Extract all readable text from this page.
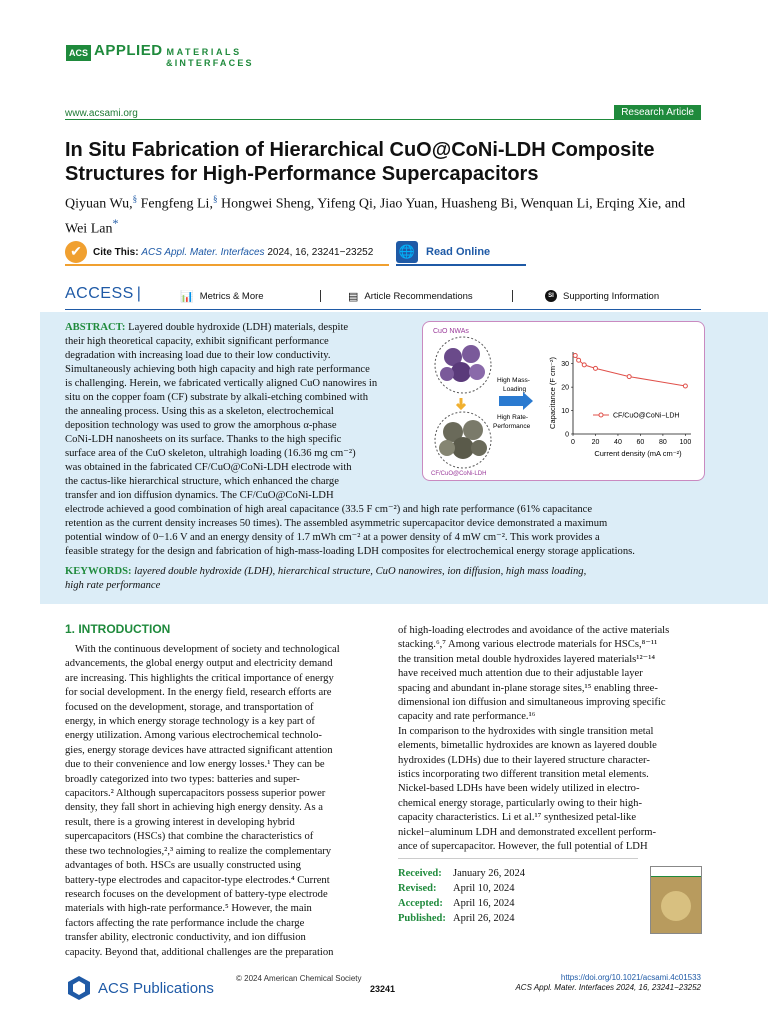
ACS APPLIED MATERIALS
&INTERFACES
www.acsami.org	Research Article
In Situ Fabrication of Hierarchical CuO@CoNi-LDH Composite Structures for High-Performance Supercapacitors
Qiyuan Wu,§ Fengfeng Li,§ Hongwei Sheng, Yifeng Qi, Jiao Yuan, Huasheng Bi, Wenquan Li, Erqing Xie, and Wei Lan*
✔	Cite This: ACS Appl. Mater. Interfaces 2024, 16, 23241−23252 🌐 Read Online
ACCESS |	📊 Metrics & More	▤ Article Recommendations	SI Supporting Information
ABSTRACT: Layered double hydroxide (LDH) materials, despite
their high theoretical capacity, exhibit significant performance
degradation with increasing load due to their low conductivity.
Simultaneously achieving both high capacity and high rate performance
is challenging. Herein, we fabricated vertically aligned CuO nanowires in
situ on the copper foam (CF) substrate by alkali-etching combined with
the annealing process. Using this as a skeleton, electrochemical
deposition technology was used to grow the amorphous α-phase
CoNi-LDH nanosheets on its surface. Thanks to the high specific
surface area of the CuO skeleton, ultrahigh loading (16.36 mg cm⁻²)
was obtained in the fabricated CF/CuO@CoNi-LDH electrode with
the cactus-like hierarchical structure, which enhanced the charge
transfer and ion diffusion dynamics. The CF/CuO@CoNi-LDH
electrode achieved a good combination of high areal capacitance (33.5 F cm⁻²) and high rate performance (61% capacitance
retention as the current density increases 50 times). The assembled asymmetric supercapacitor device demonstrated a maximum
potential window of 0−1.6 V and an energy density of 1.7 mWh cm⁻² at a power density of 4 mW cm⁻². This work provides a
feasible strategy for the design and fabrication of high-mass-loading LDH composites for electrochemical energy storage applications.
CuO NWAs
CF/CuO@CoNi-LDH
High Mass-
Loading
High Rate-
Performance
0 20 40 60 80 100
0
10
20
30
Current density (mA cm⁻²)
Capacitance (F cm⁻²)	CF/CuO@CoNi−LDH
KEYWORDS: layered double hydroxide (LDH), hierarchical structure, CuO nanowires, ion diffusion, high mass loading,
high rate performance
1. INTRODUCTION
With the continuous development of society and technological
advancements, the global energy output and electricity demand
are increasing. This highlights the critical importance of energy
for social development. In the energy field, research efforts are
focused on the development, storage, and transportation of
energy, in which energy storage technology is a key part of
energy utilization. Among various electrochemical technolo-
gies, energy storage devices have attracted significant attention
due to their convenience and low energy losses.¹ They can be
broadly categorized into two types: batteries and super-
capacitors.² Although supercapacitors possess superior power
density, they fall short in achieving high energy density. As a
result, there is a growing interest in developing hybrid
supercapacitors (HSCs) that combine the characteristics of
these two technologies,²,³ aiming to realize the complementary
advantages of both. HSCs are usually constructed using
battery-type electrodes and capacitor-type electrodes.⁴ Current
research focuses on the development of battery-type electrode
materials with high-rate performance.⁵ However, the main
factors affecting the rate performance include the charge
transfer ability, electronic conductivity, and ion diffusion
capacity. Beyond that, additional challenges are the preparation
of high-loading electrodes and avoidance of the active materials
stacking.⁶,⁷ Among various electrode materials for HSCs,⁸⁻¹¹
the transition metal double hydroxides layered materials¹²⁻¹⁴
have received much attention due to their adjustable layer
spacing and abundant in-plane storage sites,¹⁵ enabling three-
dimensional ion diffusion and simultaneous improving specific
capacity and rate performance.¹⁶
In comparison to the hydroxides with single transition metal
elements, bimetallic hydroxides are known as layered double
hydroxides (LDHs) due to their layered structure character-
istics incorporating two different transition metal elements.
Nickel-based LDHs have been widely utilized in electro-
chemical energy storage, particularly owing to their high-
capacity characteristics. Li et al.¹⁷ synthesized petal-like
nickel−aluminum LDH and demonstrated excellent perform-
ance of supercapacitor. However, the full potential of LDH
Received: January 26, 2024
Revised: April 10, 2024
Accepted: April 16, 2024
Published: April 26, 2024
ACS Publications
© 2024 American Chemical Society
23241
https://doi.org/10.1021/acsami.4c01533
ACS Appl. Mater. Interfaces 2024, 16, 23241−23252
